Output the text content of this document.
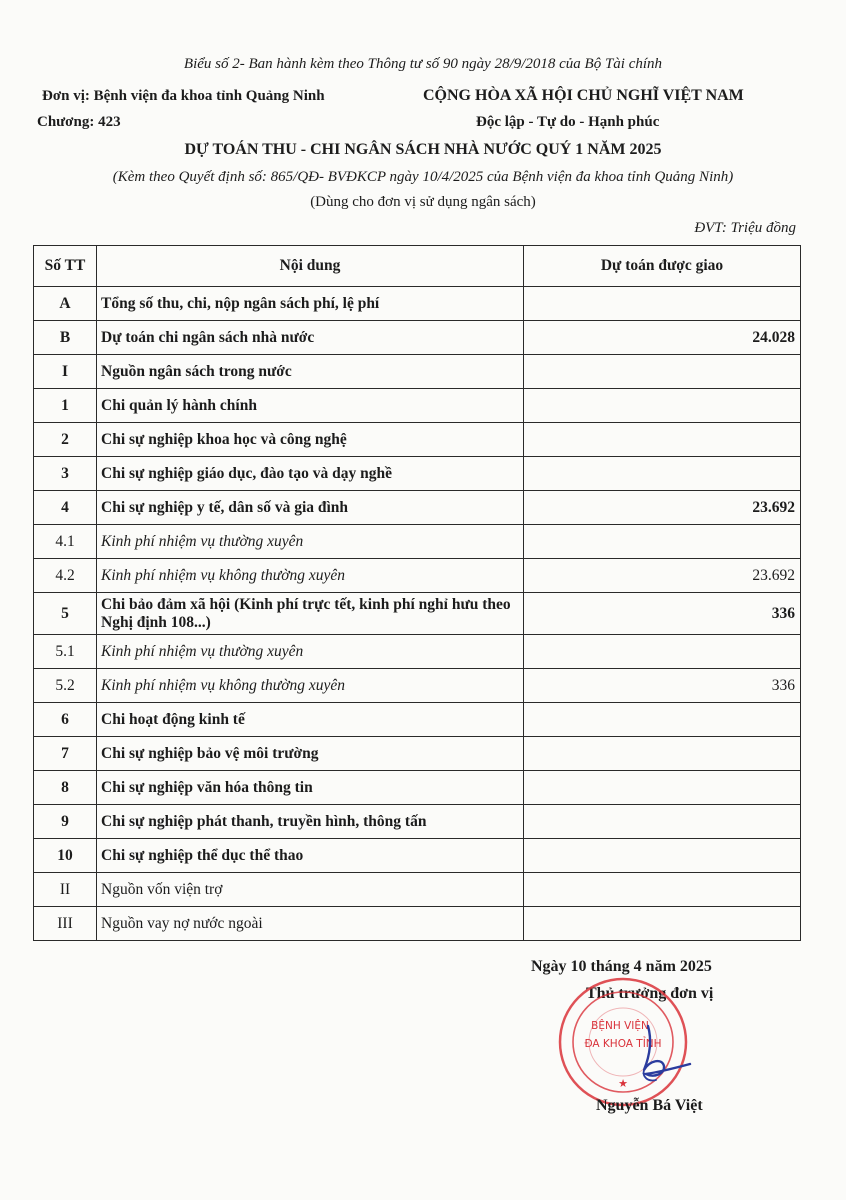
Biểu số 2- Ban hành kèm theo Thông tư số 90 ngày 28/9/2018 của Bộ Tài chính
Đơn vị: Bệnh viện đa khoa tỉnh Quảng Ninh
Chương: 423
CỘNG HÒA XÃ HỘI CHỦ NGHĨ VIỆT NAM
Độc lập - Tự do - Hạnh phúc
DỰ TOÁN THU - CHI NGÂN SÁCH NHÀ NƯỚC QUÝ 1 NĂM 2025
(Kèm theo Quyết định số: 865/QĐ- BVĐKCP ngày 10/4/2025 của Bệnh viện đa khoa tỉnh Quảng Ninh)
(Dùng cho đơn vị sử dụng ngân sách)
ĐVT: Triệu đồng
Số TT	Nội dung	Dự toán được giao
A	Tổng số thu, chi, nộp ngân sách phí, lệ phí	
B	Dự toán chi ngân sách nhà nước	24.028
I	Nguồn ngân sách trong nước	
1	Chi quản lý hành chính	
2	Chi sự nghiệp khoa học và công nghệ	
3	Chi sự nghiệp giáo dục, đào tạo và dạy nghề	
4	Chi sự nghiệp y tế, dân số và gia đình	23.692
4.1	Kinh phí nhiệm vụ thường xuyên	
4.2	Kinh phí nhiệm vụ không thường xuyên	23.692
5	Chi bảo đảm xã hội (Kinh phí trực tết, kinh phí nghỉ hưu theo Nghị định 108...)	336
5.1	Kinh phí nhiệm vụ thường xuyên	
5.2	Kinh phí nhiệm vụ không thường xuyên	336
6	Chi hoạt động kinh tế	
7	Chi sự nghiệp bảo vệ môi trường	
8	Chi sự nghiệp văn hóa thông tin	
9	Chi sự nghiệp phát thanh, truyền hình, thông tấn	
10	Chi sự nghiệp thể dục thể thao	
II	Nguồn vốn viện trợ	
III	Nguồn vay nợ nước ngoài	
Ngày 10 tháng 4 năm 2025
Thủ trưởng đơn vị
★
BỆNH VIỆN
ĐA KHOA TỈNH
Nguyễn Bá Việt
